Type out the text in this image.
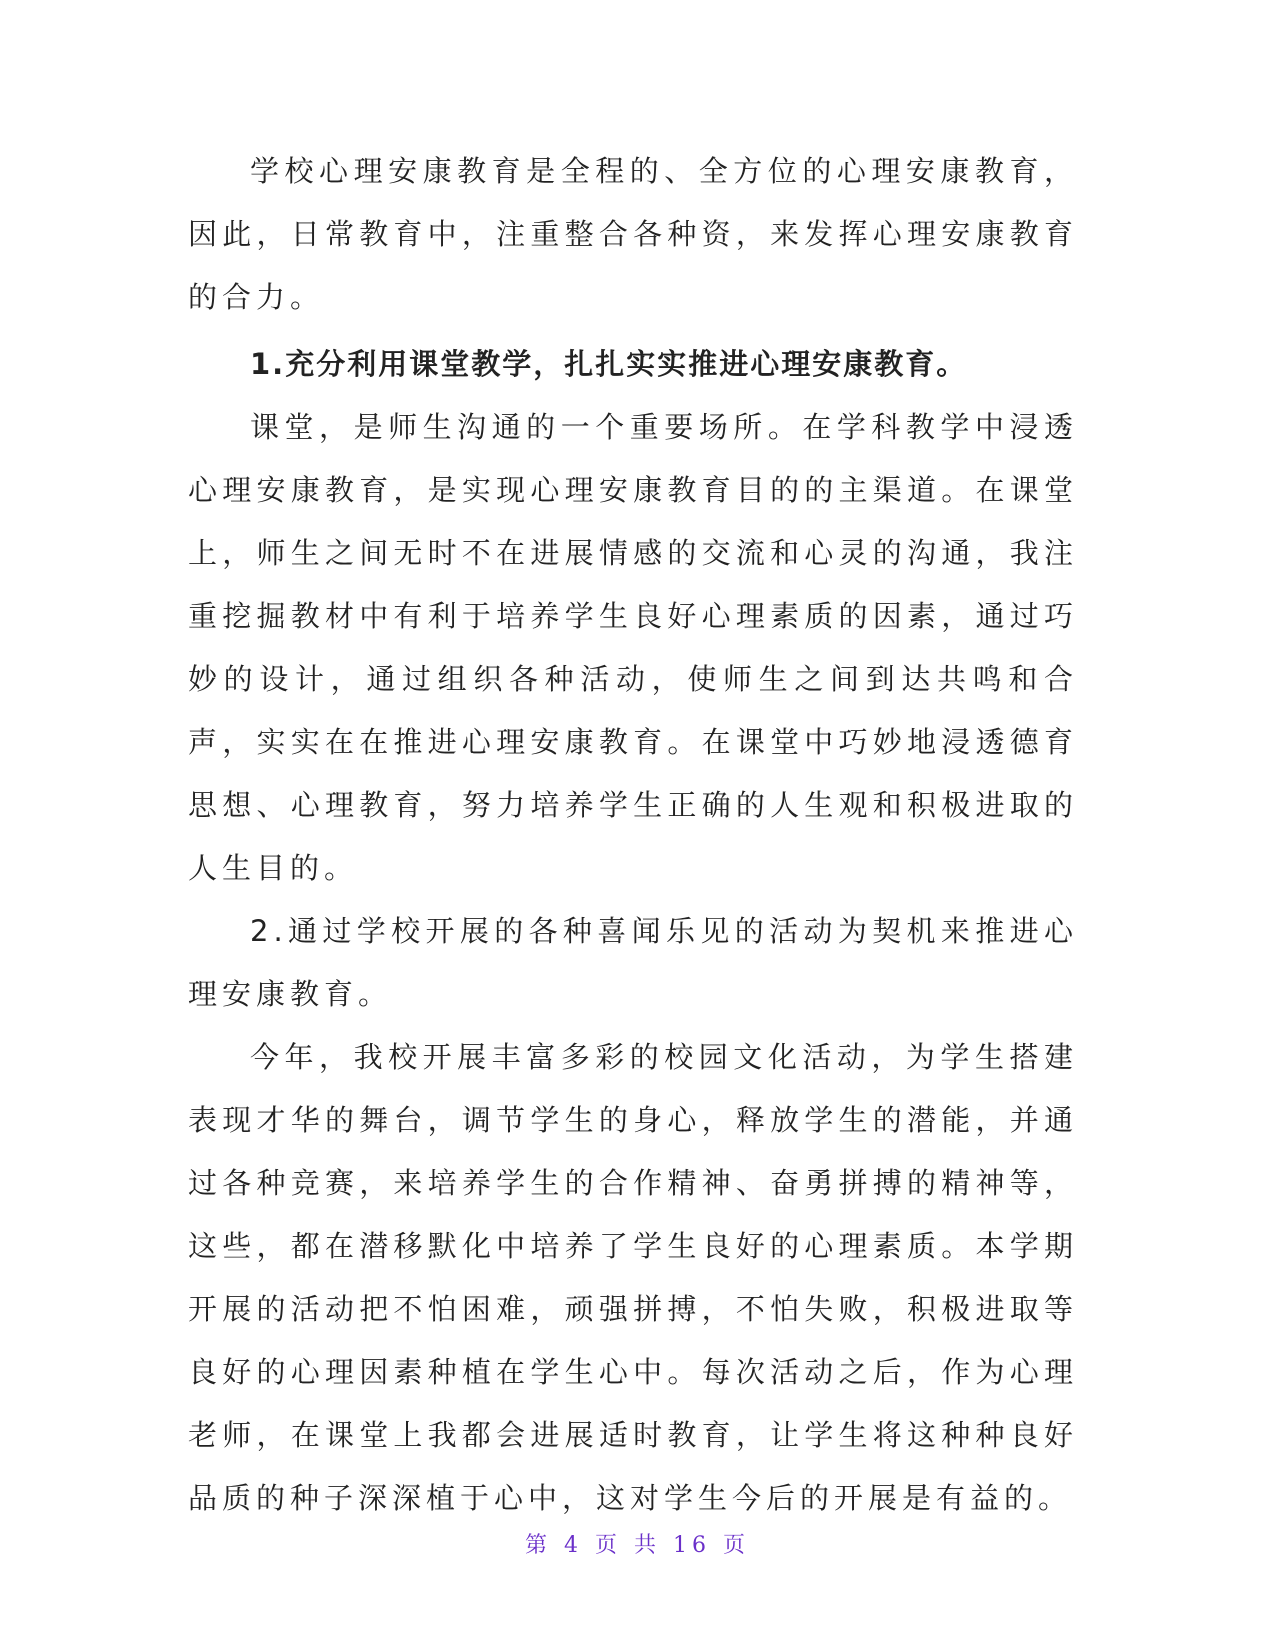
学校心理安康教育是全程的、全方位的心理安康教育，因此，日常教育中，注重整合各种资，来发挥心理安康教育的合力。

1.充分利用课堂教学，扎扎实实推进心理安康教育。

课堂，是师生沟通的一个重要场所。在学科教学中浸透心理安康教育，是实现心理安康教育目的的主渠道。在课堂上，师生之间无时不在进展情感的交流和心灵的沟通，我注重挖掘教材中有利于培养学生良好心理素质的因素，通过巧妙的设计，通过组织各种活动，使师生之间到达共鸣和合声，实实在在推进心理安康教育。在课堂中巧妙地浸透德育思想、心理教育，努力培养学生正确的人生观和积极进取的人生目的。

2.通过学校开展的各种喜闻乐见的活动为契机来推进心理安康教育。

今年，我校开展丰富多彩的校园文化活动，为学生搭建表现才华的舞台，调节学生的身心，释放学生的潜能，并通过各种竞赛，来培养学生的合作精神、奋勇拼搏的精神等，这些，都在潜移默化中培养了学生良好的心理素质。本学期开展的活动把不怕困难，顽强拼搏，不怕失败，积极进取等良好的心理因素种植在学生心中。每次活动之后，作为心理老师，在课堂上我都会进展适时教育，让学生将这种种良好品质的种子深深植于心中，这对学生今后的开展是有益的。

第 4 页 共 16 页
